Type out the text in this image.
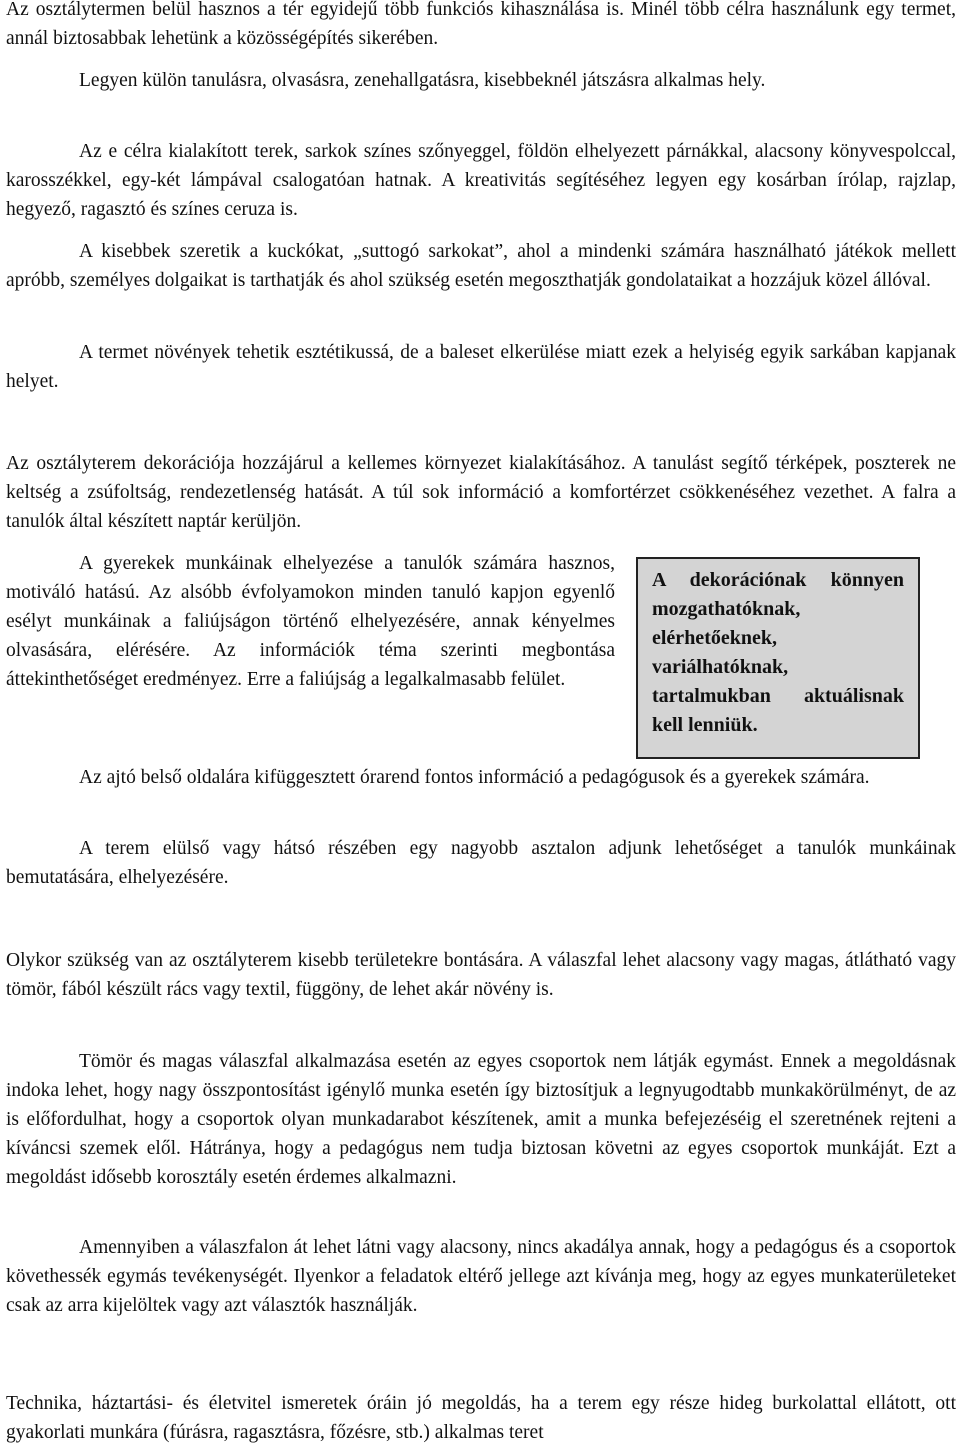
Az osztálytermen belül hasznos a tér egyidejű több funkciós kihasználása is. Minél több célra használunk egy termet, annál biztosabbak lehetünk a közösségépítés sikerében.

Legyen külön tanulásra, olvasásra, zenehallgatásra, kisebbeknél játszásra alkalmas hely.

Az e célra kialakított terek, sarkok színes szőnyeggel, földön elhelyezett párnákkal, alacsony könyvespolccal, karosszékkel, egy-két lámpával csalogatóan hatnak. A kreativitás segítéséhez legyen egy kosárban írólap, rajzlap, hegyező, ragasztó és színes ceruza is.

A kisebbek szeretik a kuckókat, „suttogó sarkokat”, ahol a mindenki számára használható játékok mellett apróbb, személyes dolgaikat is tarthatják és ahol szükség esetén megoszthatják gondolataikat a hozzájuk közel állóval.

A termet növények tehetik esztétikussá, de a baleset elkerülése miatt ezek a helyiség egyik sarkában kapjanak helyet.

Az osztályterem dekorációja hozzájárul a kellemes környezet kialakításához. A tanulást segítő térképek, poszterek ne keltség a zsúfoltság, rendezetlenség hatását. A túl sok információ a komfortérzet csökkenéséhez vezethet. A falra a tanulók által készített naptár kerüljön.

A gyerekek munkáinak elhelyezése a tanulók számára hasznos, motiváló hatású. Az alsóbb évfolyamokon minden tanuló kapjon egyenlő esélyt munkáinak a faliújságon történő elhelyezésére, annak kényelmes olvasására, elérésére. Az információk téma szerinti megbontása áttekinthetőséget eredményez. Erre a faliújság a legalkalmasabb felület.

Az ajtó belső oldalára kifüggesztett órarend fontos információ a pedagógusok és a gyerekek számára.

A terem elülső vagy hátsó részében egy nagyobb asztalon adjunk lehetőséget a tanulók munkáinak bemutatására, elhelyezésére.

Olykor szükség van az osztályterem kisebb területekre bontására. A válaszfal lehet alacsony vagy magas, átlátható vagy tömör, fából készült rács vagy textil, függöny, de lehet akár növény is.

Tömör és magas válaszfal alkalmazása esetén az egyes csoportok nem látják egymást. Ennek a megoldásnak indoka lehet, hogy nagy összpontosítást igénylő munka esetén így biztosítjuk a legnyugodtabb munkakörülményt, de az is előfordulhat, hogy a csoportok olyan munkadarabot készítenek, amit a munka befejezéséig el szeretnének rejteni a kíváncsi szemek elől. Hátránya, hogy a pedagógus nem tudja biztosan követni az egyes csoportok munkáját. Ezt a megoldást idősebb korosztály esetén érdemes alkalmazni.

Amennyiben a válaszfalon át lehet látni vagy alacsony, nincs akadálya annak, hogy a pedagógus és a csoportok követhessék egymás tevékenységét. Ilyenkor a feladatok eltérő jellege azt kívánja meg, hogy az egyes munkaterületeket csak az arra kijelöltek vagy azt választók használják.

Technika, háztartási- és életvitel ismeretek óráin jó megoldás, ha a terem egy része hideg burkolattal ellátott, ott gyakorlati munkára (fúrásra, ragasztásra, főzésre, stb.) alkalmas teret

A dekorációnak könnyen mozgathatóknak, elérhetőeknek, variálhatóknak, tartalmukban aktuálisnak kell lenniük.
